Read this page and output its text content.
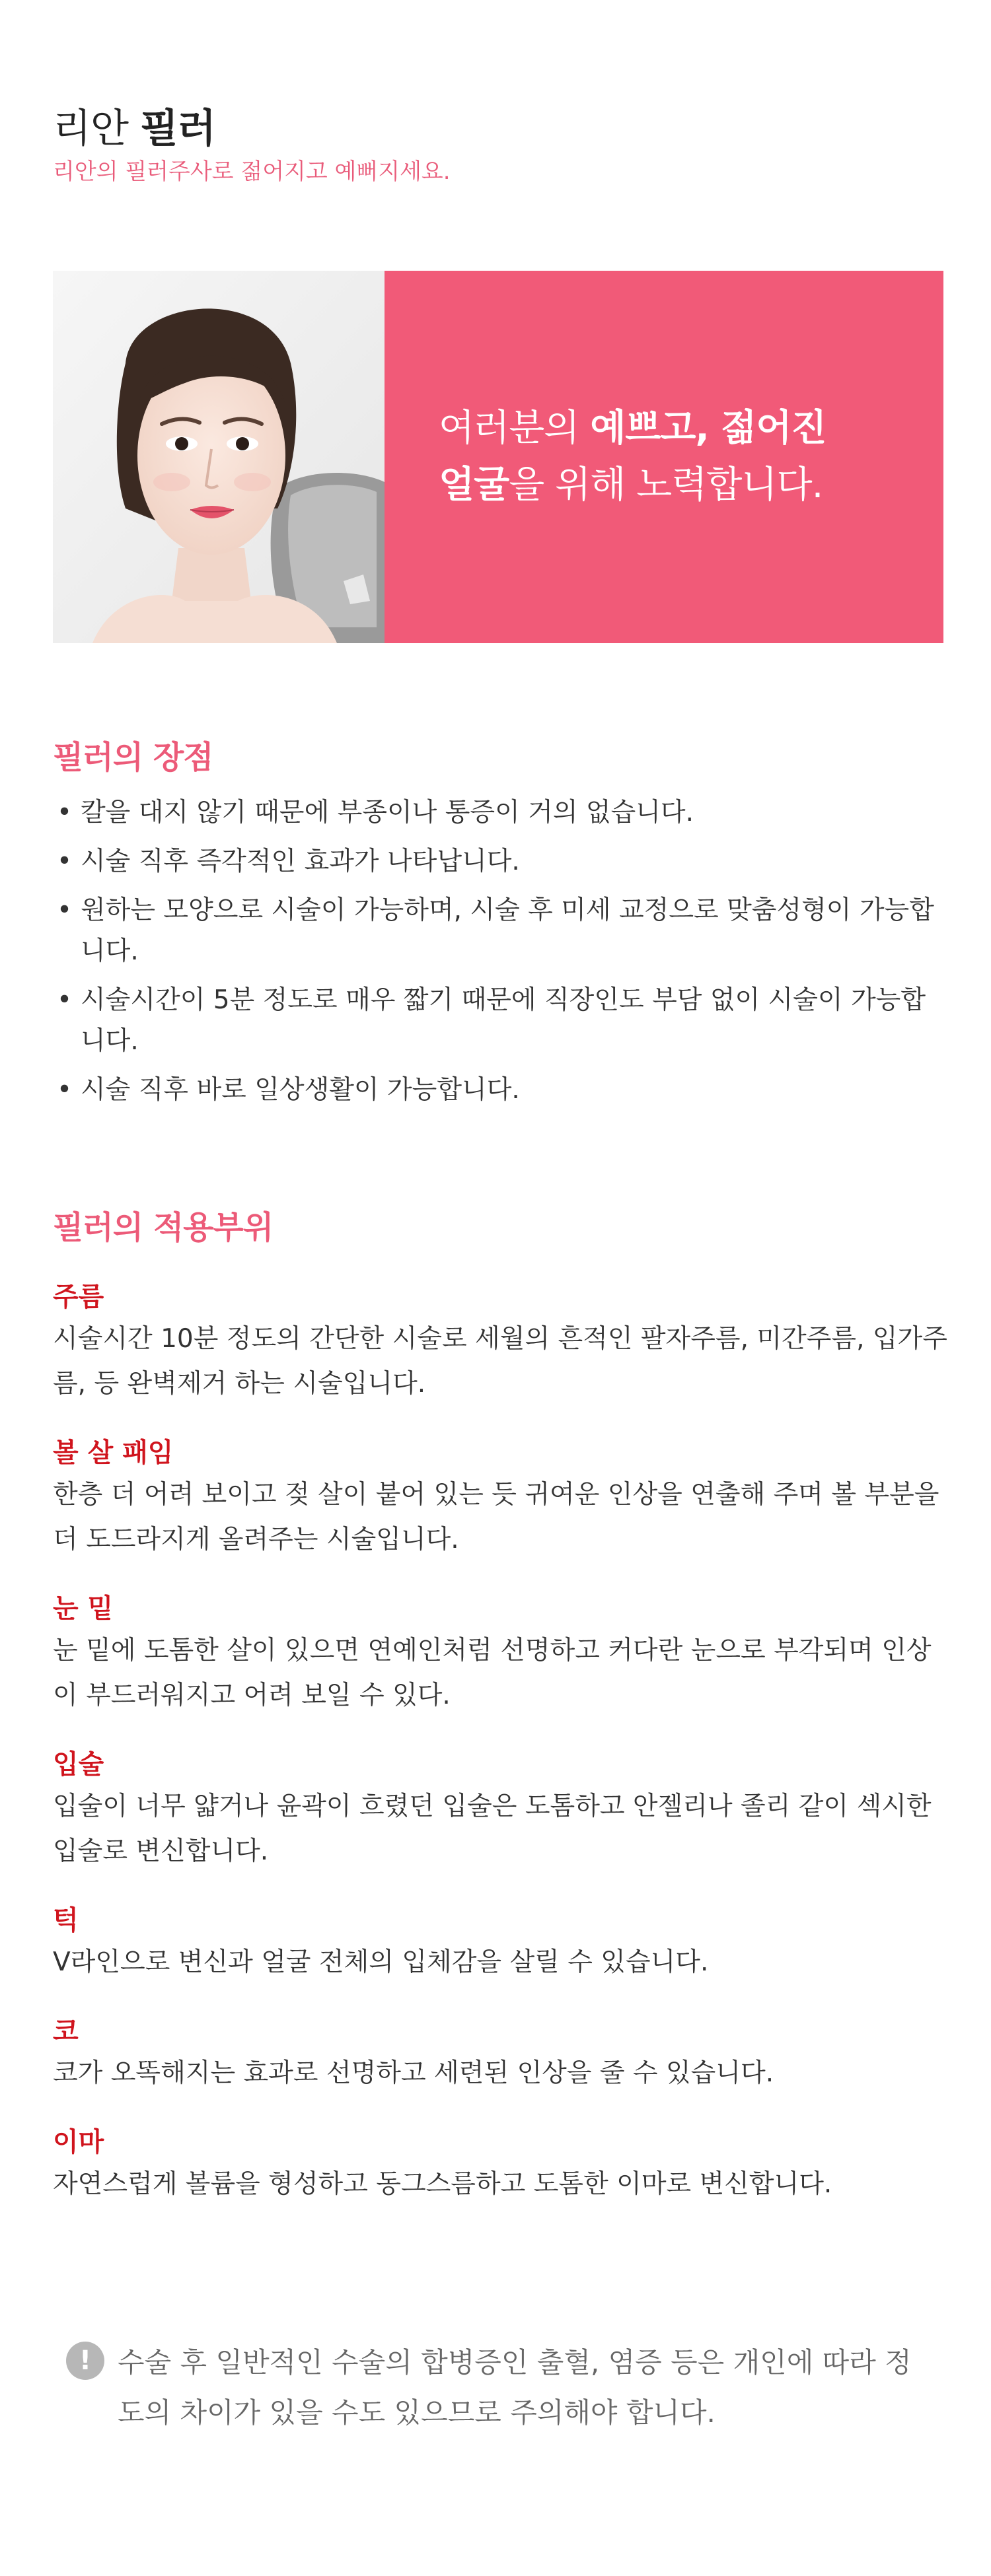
리안 필러
리안의 필러주사로 젊어지고 예뻐지세요.
여러분의 예쁘고, 젊어진
얼굴을 위해 노력합니다.
필러의 장점
• 칼을 대지 않기 때문에 부종이나 통증이 거의 없습니다.
• 시술 직후 즉각적인 효과가 나타납니다.
• 원하는 모양으로 시술이 가능하며, 시술 후 미세 교정으로 맞춤성형이 가능합니다.
• 시술시간이 5분 정도로 매우 짧기 때문에 직장인도 부담 없이 시술이 가능합니다.
• 시술 직후 바로 일상생활이 가능합니다.
필러의 적용부위
주름
시술시간 10분 정도의 간단한 시술로 세월의 흔적인 팔자주름, 미간주름, 입가주름, 등 완벽제거 하는 시술입니다.
볼 살 패임
한층 더 어려 보이고 젖 살이 붙어 있는 듯 귀여운 인상을 연출해 주며 볼 부분을 더 도드라지게 올려주는 시술입니다.
눈 밑
눈 밑에 도톰한 살이 있으면 연예인처럼 선명하고 커다란 눈으로 부각되며 인상이 부드러워지고 어려 보일 수 있다.
입술
입술이 너무 얇거나 윤곽이 흐렸던 입술은 도톰하고 안젤리나 졸리 같이 섹시한 입술로 변신합니다.
턱
V라인으로 변신과 얼굴 전체의 입체감을 살릴 수 있습니다.
코
코가 오똑해지는 효과로 선명하고 세련된 인상을 줄 수 있습니다.
이마
자연스럽게 볼륨을 형성하고 동그스름하고 도톰한 이마로 변신합니다.
! 수술 후 일반적인 수술의 합병증인 출혈, 염증 등은 개인에 따라 정도의 차이가 있을 수도 있으므로 주의해야 합니다.
